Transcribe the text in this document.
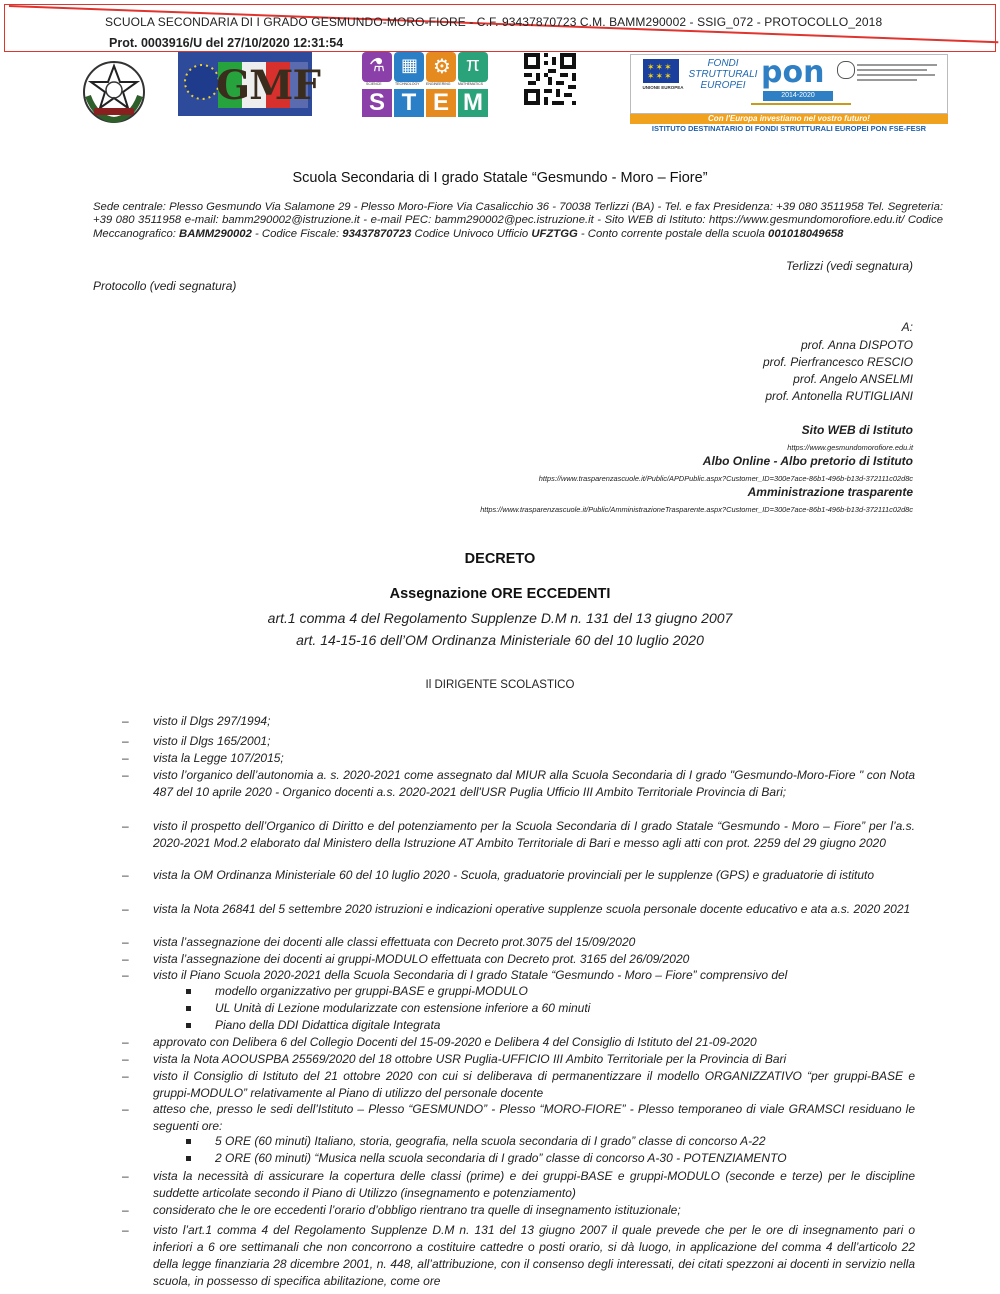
SCUOLA SECONDARIA DI I GRADO GESMUNDO-MORO-FIORE - C.F. 93437870723 C.M. BAMM290002 - SSIG_072 - PROTOCOLLO_2018
Prot. 0003916/U del 27/10/2020 12:31:54
GMF	⚗ ▦ ⚙ π
SCIENCE	TECHNOLOGY ENGINEERING MATHEMATICS
S T E M
✶✶✶
✶✶✶
UNIONE EUROPEA
FONDI
STRUTTURALI
EUROPEI pon
2014-2020
Con l'Europa investiamo nel vostro futuro!
ISTITUTO DESTINATARIO DI FONDI STRUTTURALI EUROPEI PON FSE-FESR
Scuola Secondaria di I grado Statale “Gesmundo - Moro – Fiore”
Sede centrale: Plesso Gesmundo Via Salamone 29 - Plesso Moro-Fiore Via Casalicchio 36 - 70038 Terlizzi (BA) - Tel. e fax Presidenza: +39 080 3511958 Tel. Segreteria: +39 080 3511958 e-mail: bamm290002@istruzione.it - e-mail PEC: bamm290002@pec.istruzione.it - Sito WEB di Istituto: https://www.gesmundomorofiore.edu.it/ Codice Meccanografico: BAMM290002 - Codice Fiscale: 93437870723 Codice Univoco Ufficio UFZTGG - Conto corrente postale della scuola 001018049658
Terlizzi (vedi segnatura)
Protocollo (vedi segnatura)
A:
prof. Anna DISPOTO
prof. Pierfrancesco RESCIO
prof. Angelo ANSELMI
prof. Antonella RUTIGLIANI
Sito WEB di Istituto
https://www.gesmundomorofiore.edu.it
Albo Online - Albo pretorio di Istituto
https://www.trasparenzascuole.it/Public/APDPublic.aspx?Customer_ID=300e7ace-86b1-496b-b13d-372111c02d8c
Amministrazione trasparente
https://www.trasparenzascuole.it/Public/AmministrazioneTrasparente.aspx?Customer_ID=300e7ace-86b1-496b-b13d-372111c02d8c
DECRETO
Assegnazione ORE ECCEDENTI
art.1 comma 4 del Regolamento Supplenze D.M n. 131 del 13 giugno 2007
art. 14-15-16 dell’OM Ordinanza Ministeriale 60 del 10 luglio 2020
Il DIRIGENTE SCOLASTICO
– visto il Dlgs 297/1994;
– visto il Dlgs 165/2001;
– vista la Legge 107/2015;
– visto l’organico dell’autonomia a. s. 2020-2021 come assegnato dal MIUR alla Scuola Secondaria di I grado "Gesmundo-Moro-Fiore " con Nota 487 del 10 aprile 2020 - Organico docenti a.s. 2020-2021 dell'USR Puglia Ufficio III Ambito Territoriale Provincia di Bari;
– visto il prospetto dell’Organico di Diritto e del potenziamento per la Scuola Secondaria di I grado Statale “Gesmundo - Moro – Fiore” per l’a.s. 2020-2021 Mod.2 elaborato dal Ministero della Istruzione AT Ambito Territoriale di Bari e messo agli atti con prot. 2259 del 29 giugno 2020
– vista la OM Ordinanza Ministeriale 60 del 10 luglio 2020 - Scuola, graduatorie provinciali per le supplenze (GPS) e graduatorie di istituto
– vista la Nota 26841 del 5 settembre 2020 istruzioni e indicazioni operative supplenze scuola personale docente educativo e ata a.s. 2020 2021
– vista l’assegnazione dei docenti alle classi effettuata con Decreto prot.3075 del 15/09/2020
– vista l’assegnazione dei docenti ai gruppi-MODULO effettuata con Decreto prot. 3165 del 26/09/2020
– visto il Piano Scuola 2020-2021 della Scuola Secondaria di I grado Statale “Gesmundo - Moro – Fiore” comprensivo del
modello organizzativo per gruppi-BASE e gruppi-MODULO
UL Unità di Lezione modularizzate con estensione inferiore a 60 minuti
Piano della DDI Didattica digitale Integrata
– approvato con Delibera 6 del Collegio Docenti del 15-09-2020 e Delibera 4 del Consiglio di Istituto del 21-09-2020
– vista la Nota AOOUSPBA 25569/2020 del 18 ottobre USR Puglia-UFFICIO III Ambito Territoriale per la Provincia di Bari
– visto il Consiglio di Istituto del 21 ottobre 2020 con cui si deliberava di permanentizzare il modello ORGANIZZATIVO “per gruppi-BASE e gruppi-MODULO” relativamente al Piano di utilizzo del personale docente
– atteso che, presso le sedi dell’Istituto – Plesso “GESMUNDO” - Plesso “MORO-FIORE” - Plesso temporaneo di viale GRAMSCI residuano le seguenti ore:
5 ORE (60 minuti) Italiano, storia, geografia, nella scuola secondaria di I grado” classe di concorso A-22
2 ORE (60 minuti) “Musica nella scuola secondaria di I grado” classe di concorso A-30 - POTENZIAMENTO
– vista la necessità di assicurare la copertura delle classi (prime) e dei gruppi-BASE e gruppi-MODULO (seconde e terze) per le discipline suddette articolate secondo il Piano di Utilizzo (insegnamento e potenziamento)
– considerato che le ore eccedenti l’orario d’obbligo rientrano tra quelle di insegnamento istituzionale;
– visto l’art.1 comma 4 del Regolamento Supplenze D.M n. 131 del 13 giugno 2007 il quale prevede che per le ore di insegnamento pari o inferiori a 6 ore settimanali che non concorrono a costituire cattedre o posti orario, si dà luogo, in applicazione del comma 4 dell’articolo 22 della legge finanziaria 28 dicembre 2001, n. 448, all’attribuzione, con il consenso degli interessati, dei citati spezzoni ai docenti in servizio nella scuola, in possesso di specifica abilitazione, come ore
